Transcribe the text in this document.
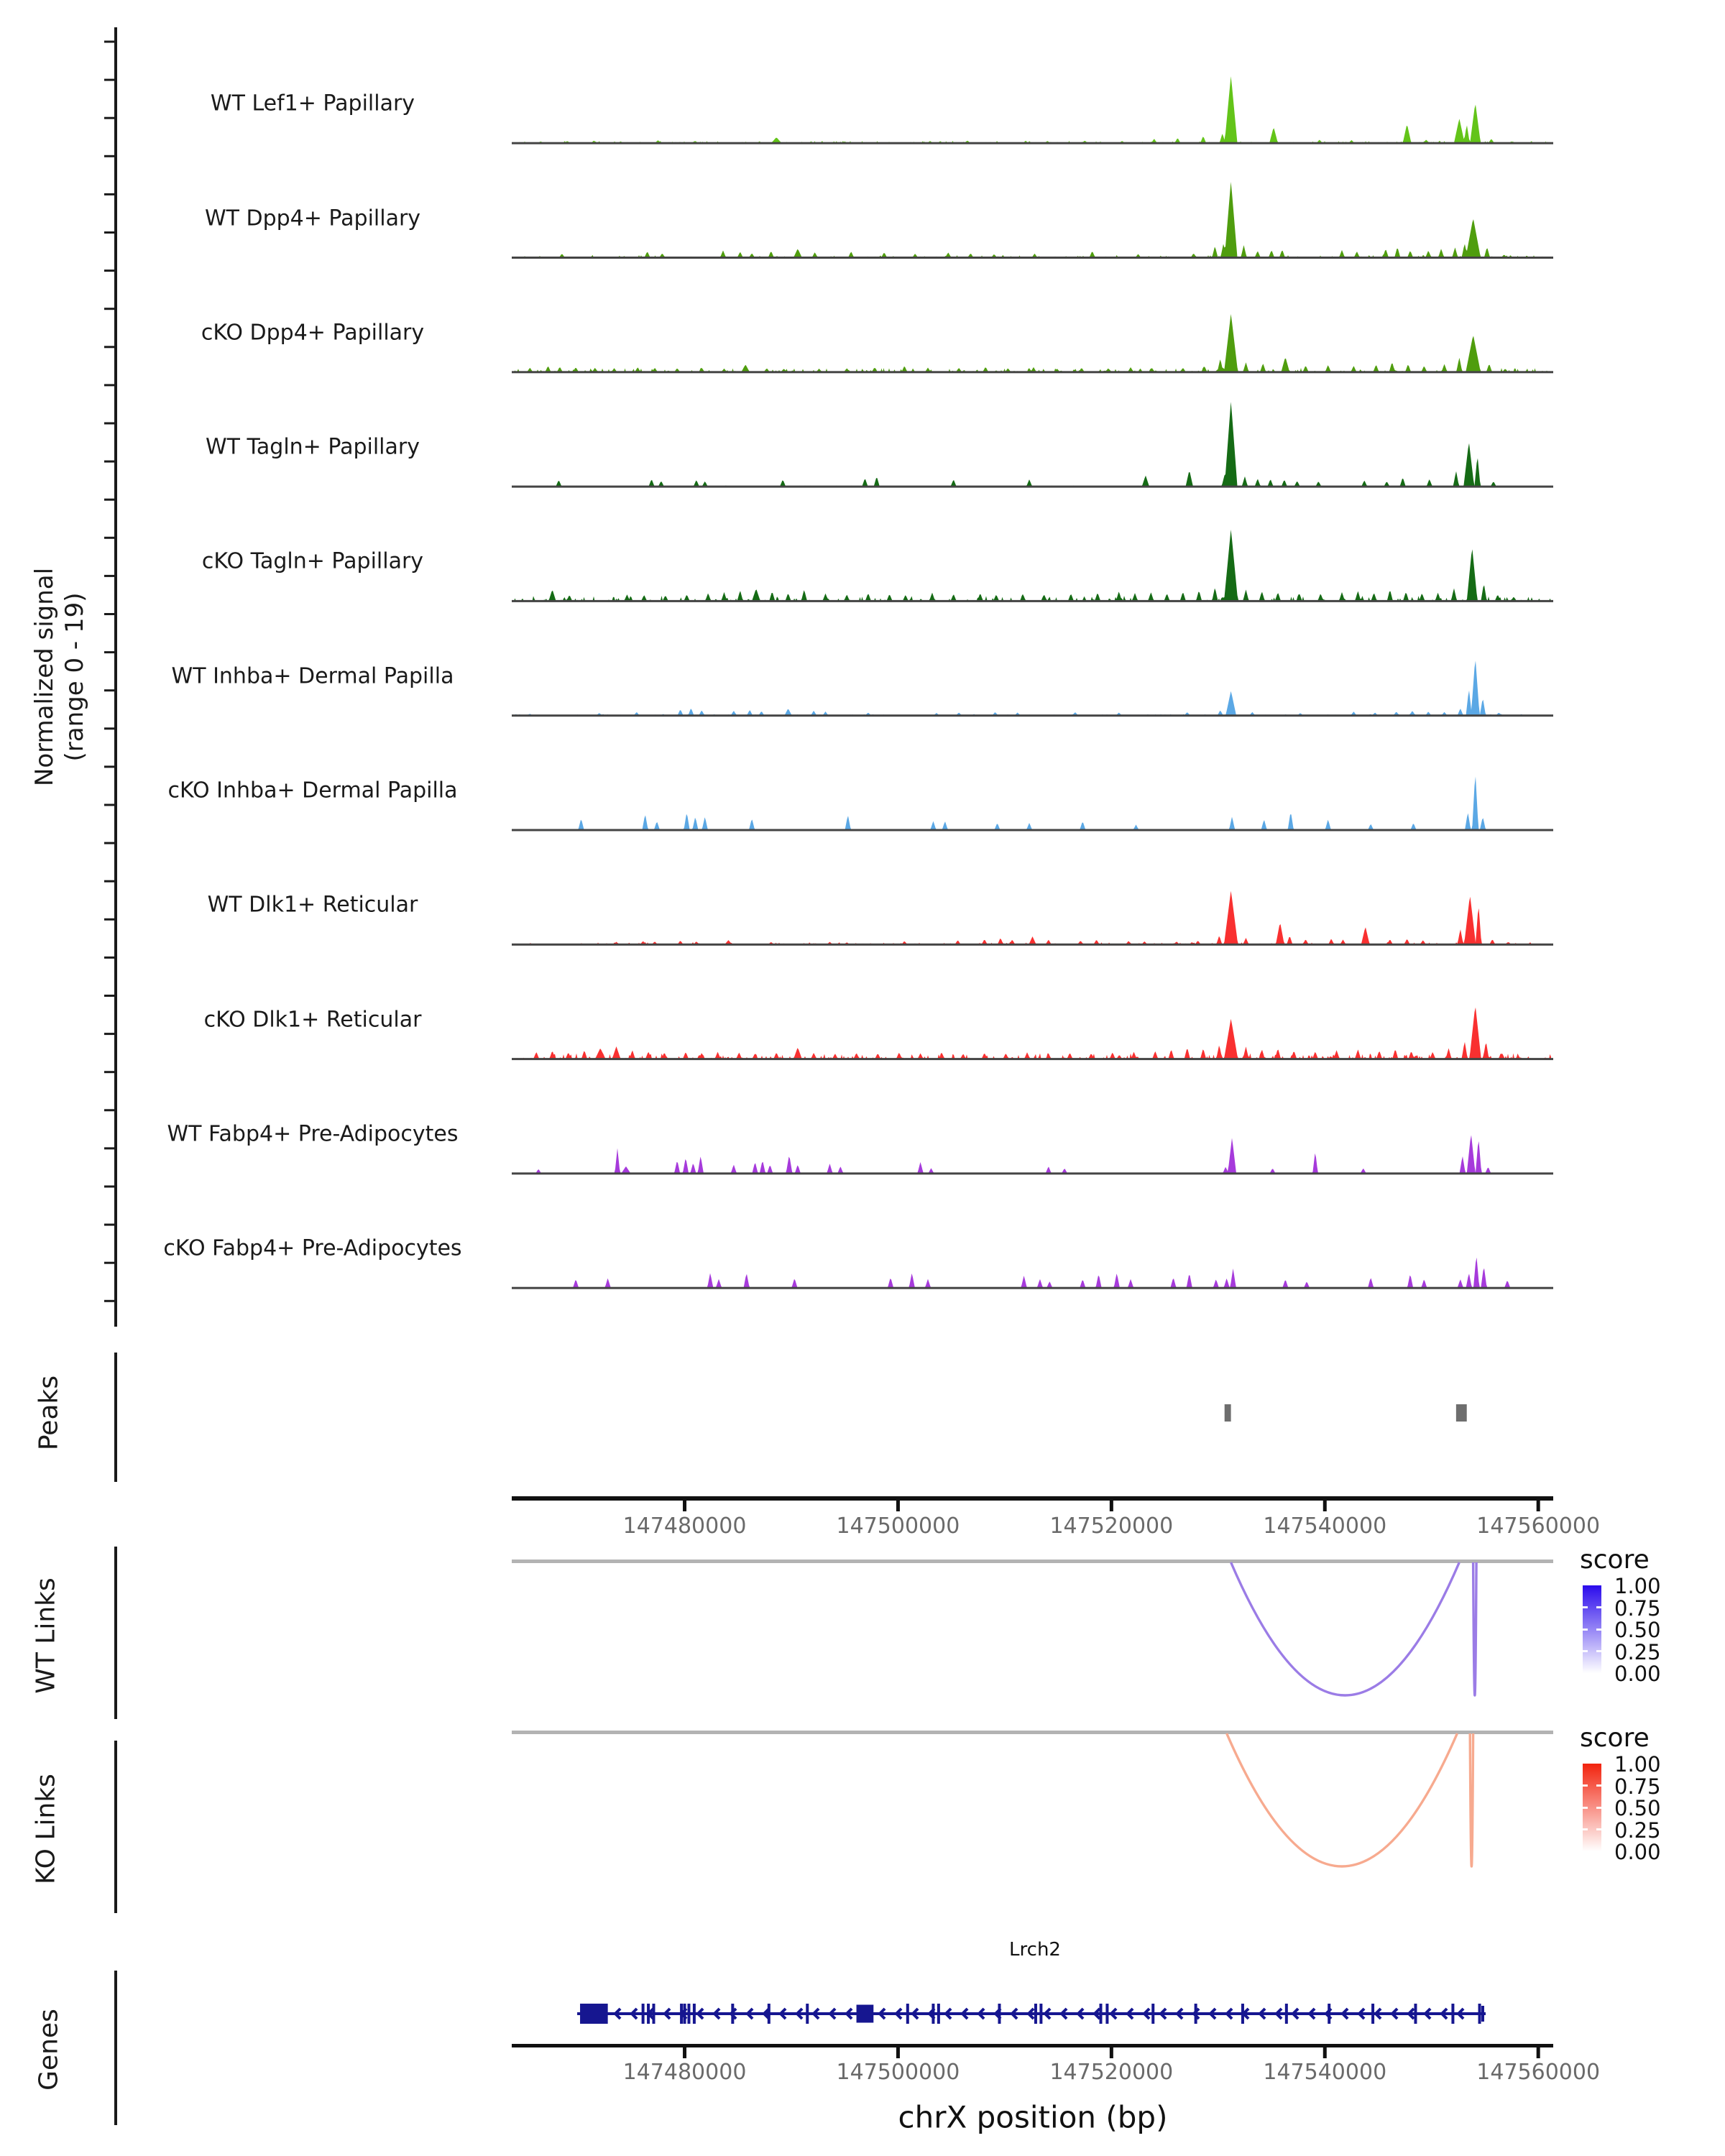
Normalized signal (range 0 - 19)
Peaks
WT Links
KO Links
Genes
Lrch2
chrX position (bp)
score
score
WT Lef1+ Papillary
WT Dpp4+ Papillary
cKO Dpp4+ Papillary
WT Tagln+ Papillary
cKO Tagln+ Papillary
WT Inhba+ Dermal Papilla
cKO Inhba+ Dermal Papilla
WT Dlk1+ Reticular
cKO Dlk1+ Reticular
WT Fabp4+ Pre-Adipocytes
cKO Fabp4+ Pre-Adipocytes
147480000	147500000	147520000	147540000	147560000
147480000	147500000	147520000	147540000	147560000
1.00
0.75
0.50
0.25
0.00
1.00
0.75
0.50
0.25
0.00
